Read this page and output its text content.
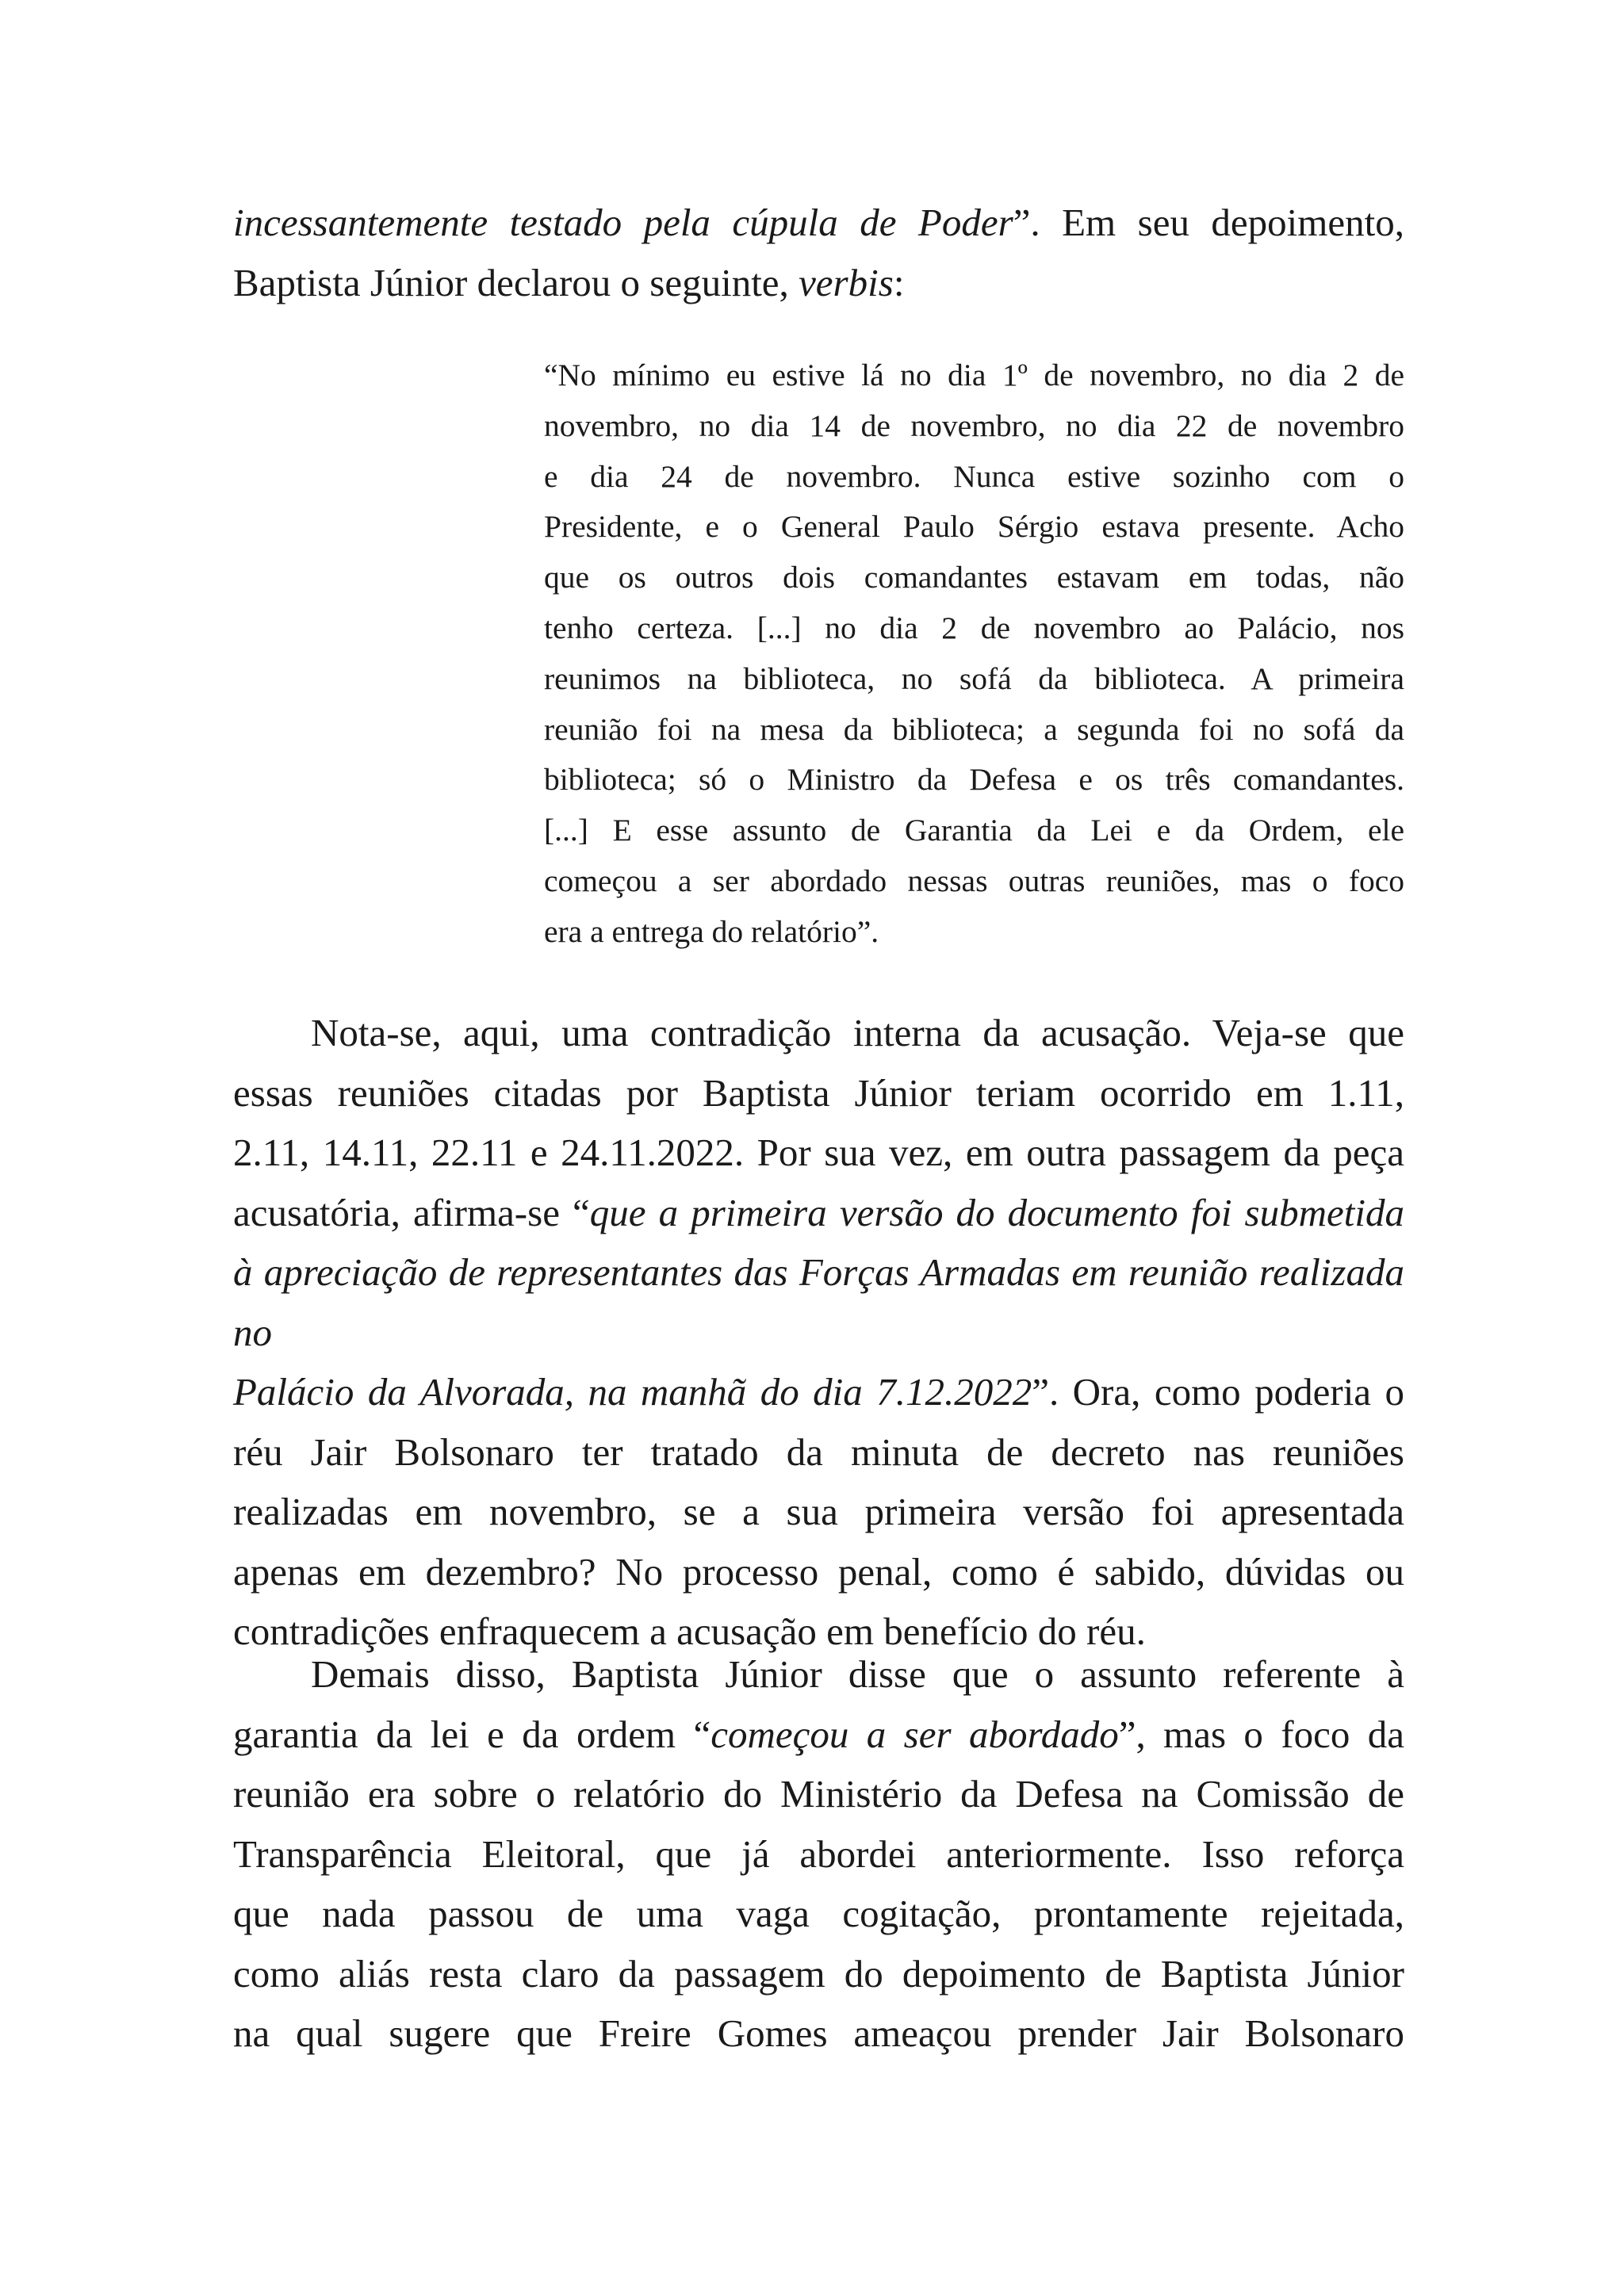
incessantemente testado pela cúpula de Poder”. Em seu depoimento,
Baptista Júnior declarou o seguinte, verbis:

“No mínimo eu estive lá no dia 1º de novembro, no dia 2 de
novembro, no dia 14 de novembro, no dia 22 de novembro
e dia 24 de novembro. Nunca estive sozinho com o
Presidente, e o General Paulo Sérgio estava presente. Acho
que os outros dois comandantes estavam em todas, não
tenho certeza. [...] no dia 2 de novembro ao Palácio, nos
reunimos na biblioteca, no sofá da biblioteca. A primeira
reunião foi na mesa da biblioteca; a segunda foi no sofá da
biblioteca; só o Ministro da Defesa e os três comandantes.
[...] E esse assunto de Garantia da Lei e da Ordem, ele
começou a ser abordado nessas outras reuniões, mas o foco
era a entrega do relatório”.

Nota-se, aqui, uma contradição interna da acusação. Veja-se que
essas reuniões citadas por Baptista Júnior teriam ocorrido em 1.11,
2.11, 14.11, 22.11 e 24.11.2022. Por sua vez, em outra passagem da peça
acusatória, afirma-se “que a primeira versão do documento foi submetida
à apreciação de representantes das Forças Armadas em reunião realizada no
Palácio da Alvorada, na manhã do dia 7.12.2022”. Ora, como poderia o
réu Jair Bolsonaro ter tratado da minuta de decreto nas reuniões
realizadas em novembro, se a sua primeira versão foi apresentada
apenas em dezembro? No processo penal, como é sabido, dúvidas ou
contradições enfraquecem a acusação em benefício do réu.

Demais disso, Baptista Júnior disse que o assunto referente à
garantia da lei e da ordem “começou a ser abordado”, mas o foco da
reunião era sobre o relatório do Ministério da Defesa na Comissão de
Transparência Eleitoral, que já abordei anteriormente. Isso reforça
que nada passou de uma vaga cogitação, prontamente rejeitada,
como aliás resta claro da passagem do depoimento de Baptista Júnior
na qual sugere que Freire Gomes ameaçou prender Jair Bolsonaro
